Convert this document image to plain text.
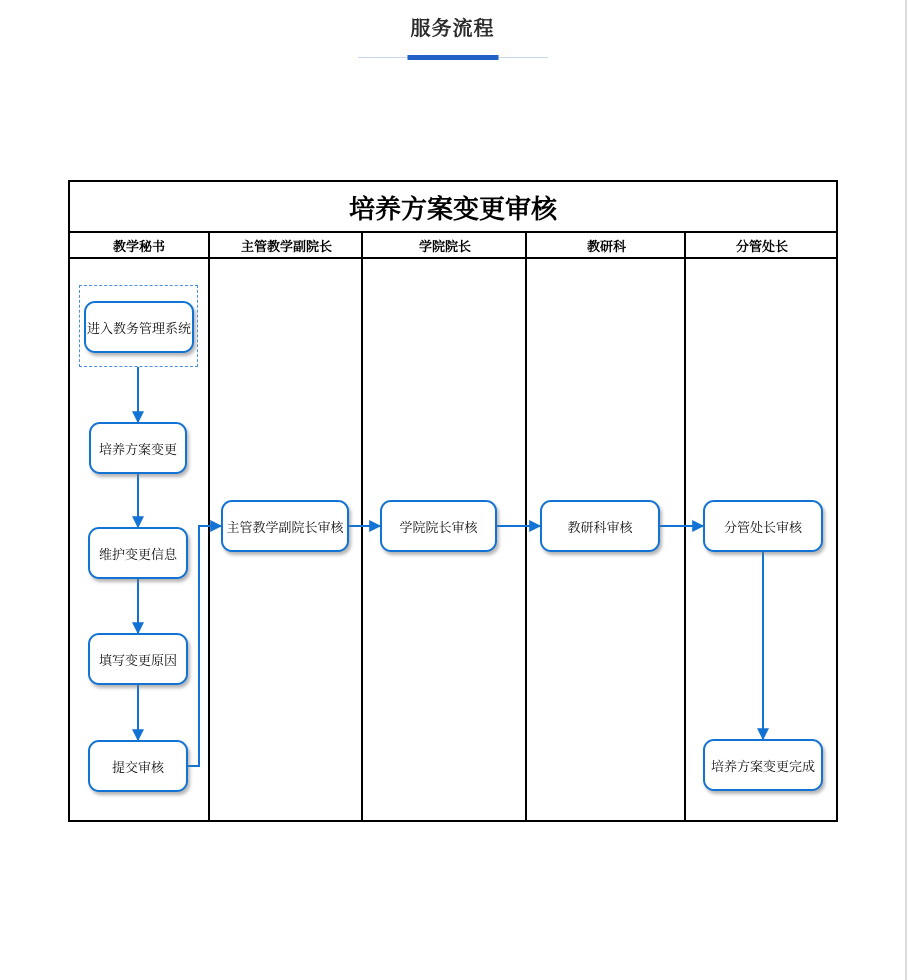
服务流程
培养方案变更审核
教学秘书	主管教学副院长	学院院长	教研科	分管处长
进入教务管理系统
培养方案变更
维护变更信息
填写变更原因
提交审核
主管教学副院长审核	学院院长审核	教研科审核	分管处长审核
培养方案变更完成
